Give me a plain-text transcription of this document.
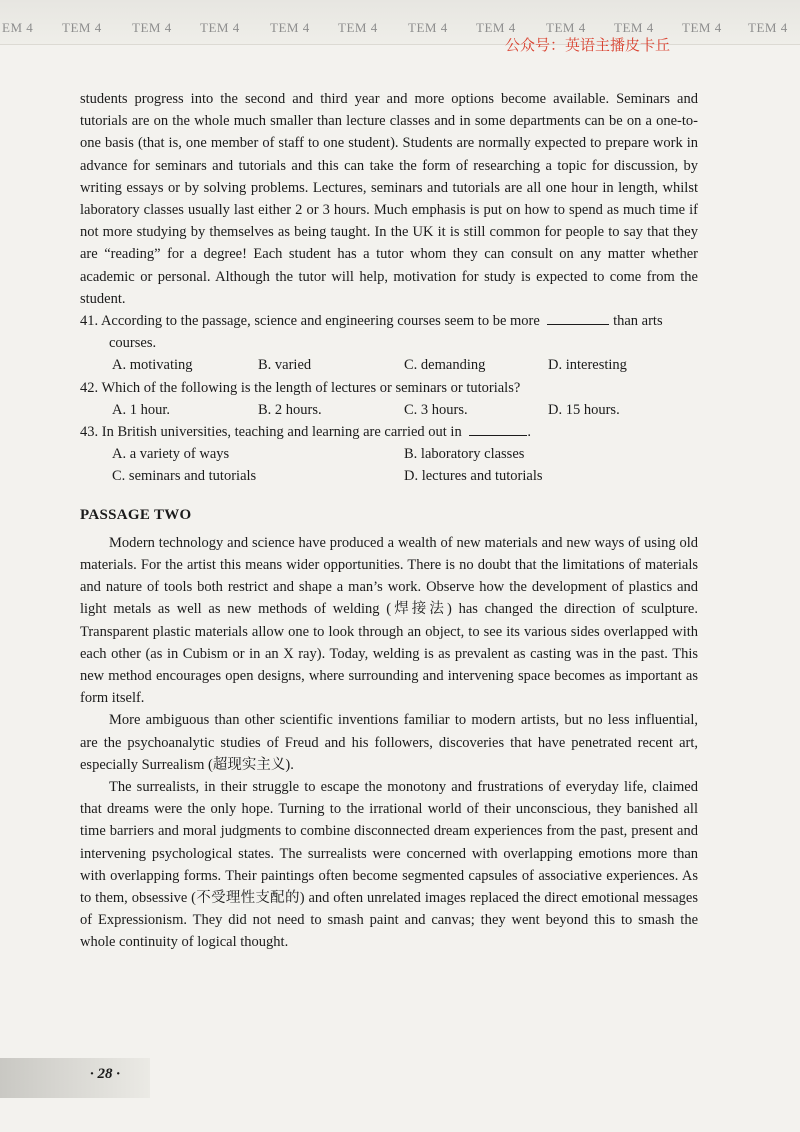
EM 4 TEM 4 TEM 4 TEM 4 TEM 4 TEM 4 TEM 4 TEM 4 TEM 4 TEM 4 TEM 4 TEM 4
公众号：英语主播皮卡丘

students progress into the second and third year and more options become available. Seminars and tutorials are on the whole much smaller than lecture classes and in some departments can be on a one-to-one basis (that is, one member of staff to one student). Students are normally expected to prepare work in advance for seminars and tutorials and this can take the form of researching a topic for discussion, by writing essays or by solving problems. Lectures, seminars and tutorials are all one hour in length, whilst laboratory classes usually last either 2 or 3 hours. Much emphasis is put on how to spend as much time if not more studying by themselves as being taught. In the UK it is still common for people to say that they are “reading” for a degree! Each student has a tutor whom they can consult on any matter whether academic or personal. Although the tutor will help, motivation for study is expected to come from the student.

41. According to the passage, science and engineering courses seem to be more	than arts courses.
A. motivating	B. varied	C. demanding	D. interesting
42. Which of the following is the length of lectures or seminars or tutorials?
A. 1 hour.	B. 2 hours.	C. 3 hours.	D. 15 hours.
43. In British universities, teaching and learning are carried out in	.
A. a variety of ways	B. laboratory classes
C. seminars and tutorials	D. lectures and tutorials
PASSAGE TWO

Modern technology and science have produced a wealth of new materials and new ways of using old materials. For the artist this means wider opportunities. There is no doubt that the limitations of materials and nature of tools both restrict and shape a man’s work. Observe how the development of plastics and light metals as well as new methods of welding (焊接法) has changed the direction of sculpture. Transparent plastic materials allow one to look through an object, to see its various sides overlapped with each other (as in Cubism or in an X ray). Today, welding is as prevalent as casting was in the past. This new method encourages open designs, where surrounding and intervening space becomes as important as form itself.

More ambiguous than other scientific inventions familiar to modern artists, but no less influential, are the psychoanalytic studies of Freud and his followers, discoveries that have penetrated recent art, especially Surrealism (超现实主义).

The surrealists, in their struggle to escape the monotony and frustrations of everyday life, claimed that dreams were the only hope. Turning to the irrational world of their unconscious, they banished all time barriers and moral judgments to combine disconnected dream experiences from the past, present and intervening psychological states. The surrealists were concerned with overlapping emotions more than with overlapping forms. Their paintings often become segmented capsules of associative experiences. As to them, obsessive (不受理性支配的) and often unrelated images replaced the direct emotional messages of Expressionism. They did not need to smash paint and canvas; they went beyond this to smash the whole continuity of logical thought.

· 28 ·
